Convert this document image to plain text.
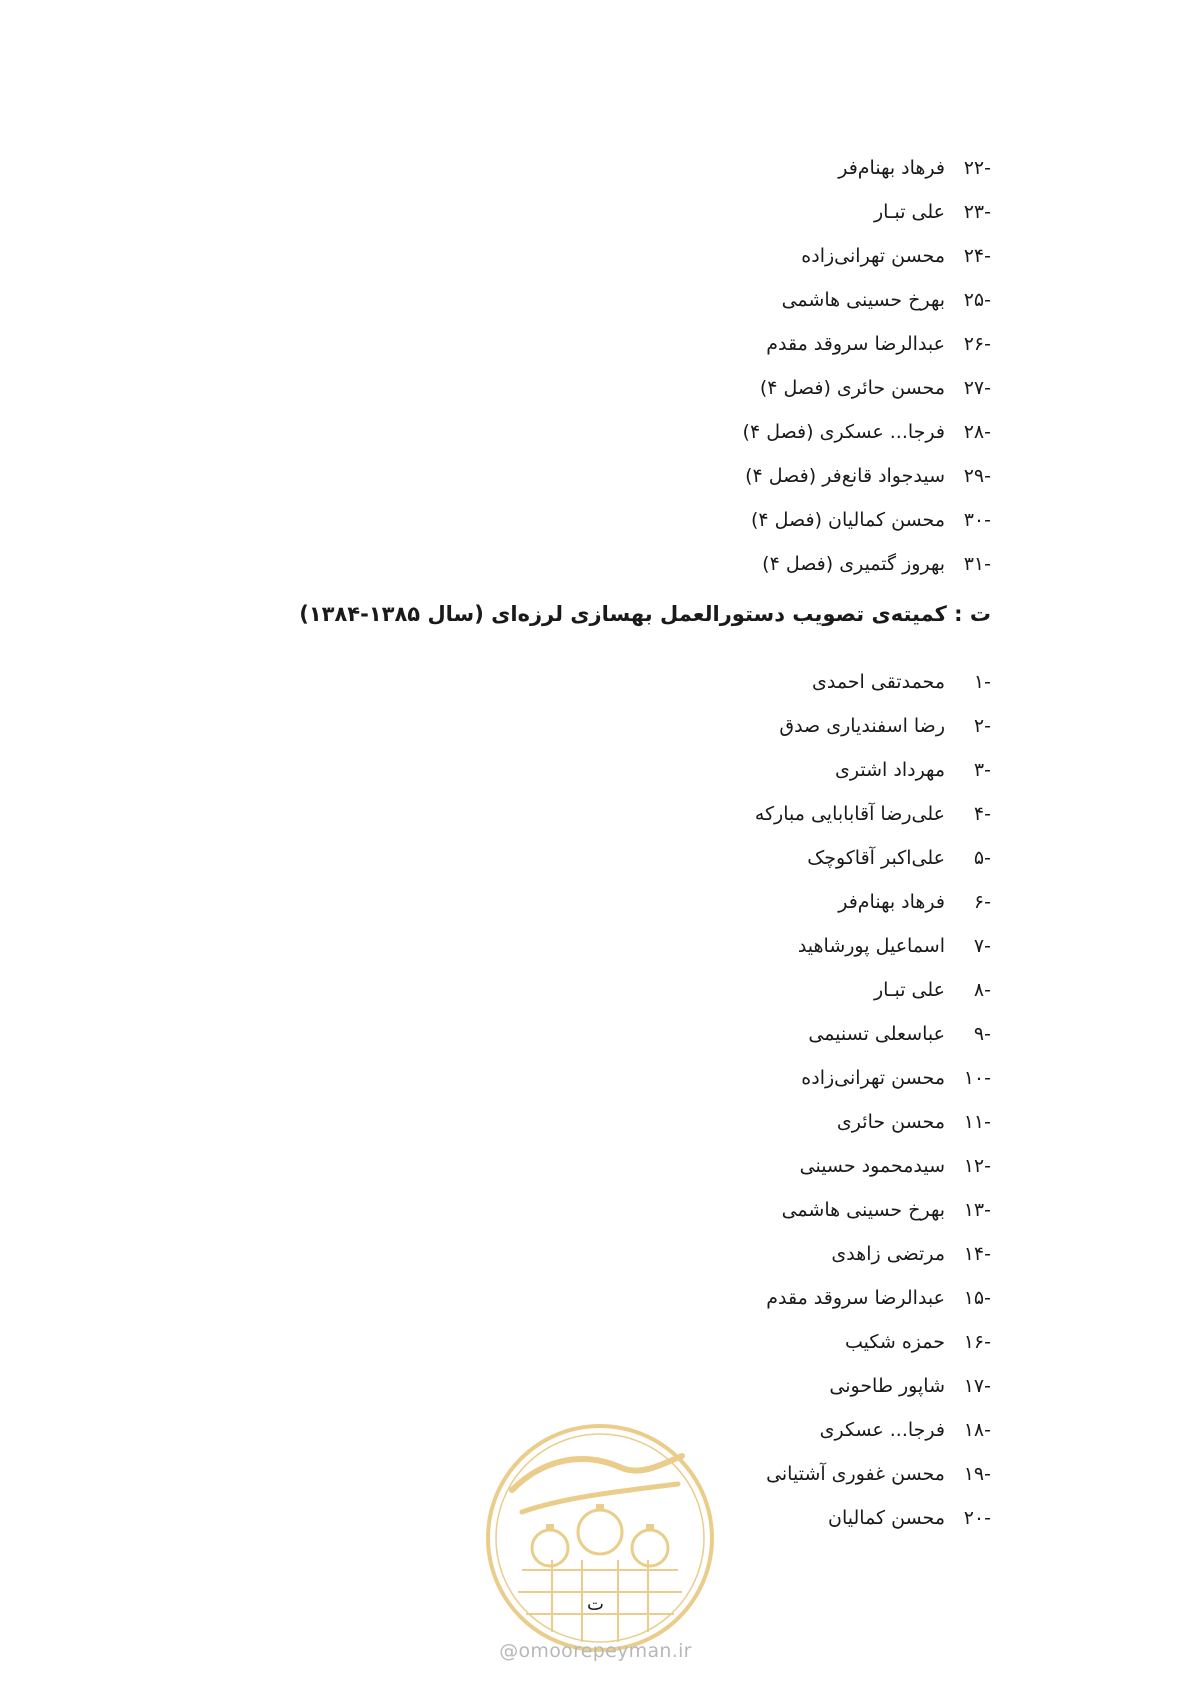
-۲۲
فرهاد بهنام‌فر
-۲۳
علی تبـار
-۲۴
محسن تهرانی‌زاده
-۲۵
بهرخ حسینی هاشمی
-۲۶
عبدالرضا سروقد مقدم
-۲۷
محسن حائری (فصل ۴)
-۲۸
فرجا... عسکری (فصل ۴)
-۲۹
سیدجواد قانع‌فر (فصل ۴)
-۳۰
محسن کمالیان (فصل ۴)
-۳۱
بهروز گتمیری (فصل ۴)
ت : کمیته‌ی تصویب دستورالعمل بهسازی لرزه‌ای (سال ۱۳۸۵-۱۳۸۴)
-۱
محمدتقی احمدی
-۲
رضا اسفندیاری صدق
-۳
مهرداد اشتری
-۴
علی‌رضا آقابابایی مبارکه
-۵
علی‌اکبر آقاکوچک
-۶
فرهاد بهنام‌فر
-۷
اسماعیل پورشاهید
-۸
علی تبـار
-۹
عباسعلی تسنیمی
-۱۰
محسن تهرانی‌زاده
-۱۱
محسن حائری
-۱۲
سیدمحمود حسینی
-۱۳
بهرخ حسینی هاشمی
-۱۴
مرتضی زاهدی
-۱۵
عبدالرضا سروقد مقدم
-۱۶
حمزه شکیب
-۱۷
شاپور طاحونی
-۱۸
فرجا... عسکری
-۱۹
محسن غفوری آشتیانی
-۲۰
محسن کمالیان
ت
@omoorepeyman.ir
